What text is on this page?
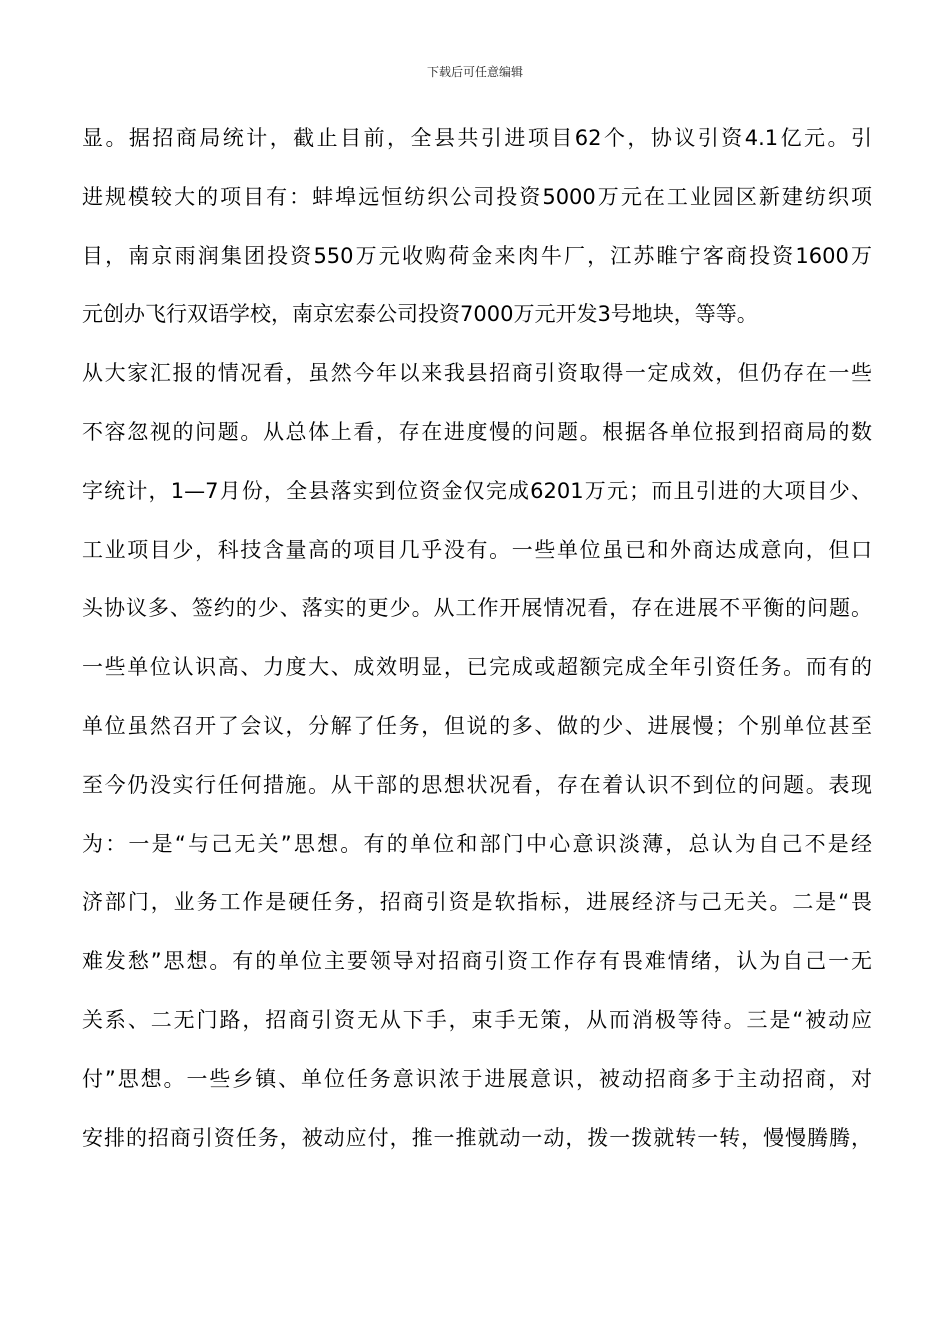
下载后可任意编辑
显。据招商局统计，截止目前，全县共引进项目62个，协议引资4.1亿元。引
进规模较大的项目有：蚌埠远恒纺织公司投资5000万元在工业园区新建纺织项
目，南京雨润集团投资550万元收购荷金来肉牛厂，江苏睢宁客商投资1600万
元创办飞行双语学校，南京宏泰公司投资7000万元开发3号地块，等等。
从大家汇报的情况看，虽然今年以来我县招商引资取得一定成效，但仍存在一些
不容忽视的问题。从总体上看，存在进度慢的问题。根据各单位报到招商局的数
字统计，1—7月份，全县落实到位资金仅完成6201万元；而且引进的大项目少、
工业项目少，科技含量高的项目几乎没有。一些单位虽已和外商达成意向，但口
头协议多、签约的少、落实的更少。从工作开展情况看，存在进展不平衡的问题。
一些单位认识高、力度大、成效明显，已完成或超额完成全年引资任务。而有的
单位虽然召开了会议，分解了任务，但说的多、做的少、进展慢；个别单位甚至
至今仍没实行任何措施。从干部的思想状况看，存在着认识不到位的问题。表现
为：一是“与己无关”思想。有的单位和部门中心意识淡薄，总认为自己不是经
济部门，业务工作是硬任务，招商引资是软指标，进展经济与己无关。二是“畏
难发愁”思想。有的单位主要领导对招商引资工作存有畏难情绪，认为自己一无
关系、二无门路，招商引资无从下手，束手无策，从而消极等待。三是“被动应
付”思想。一些乡镇、单位任务意识浓于进展意识，被动招商多于主动招商，对
安排的招商引资任务，被动应付，推一推就动一动，拨一拨就转一转，慢慢腾腾，
